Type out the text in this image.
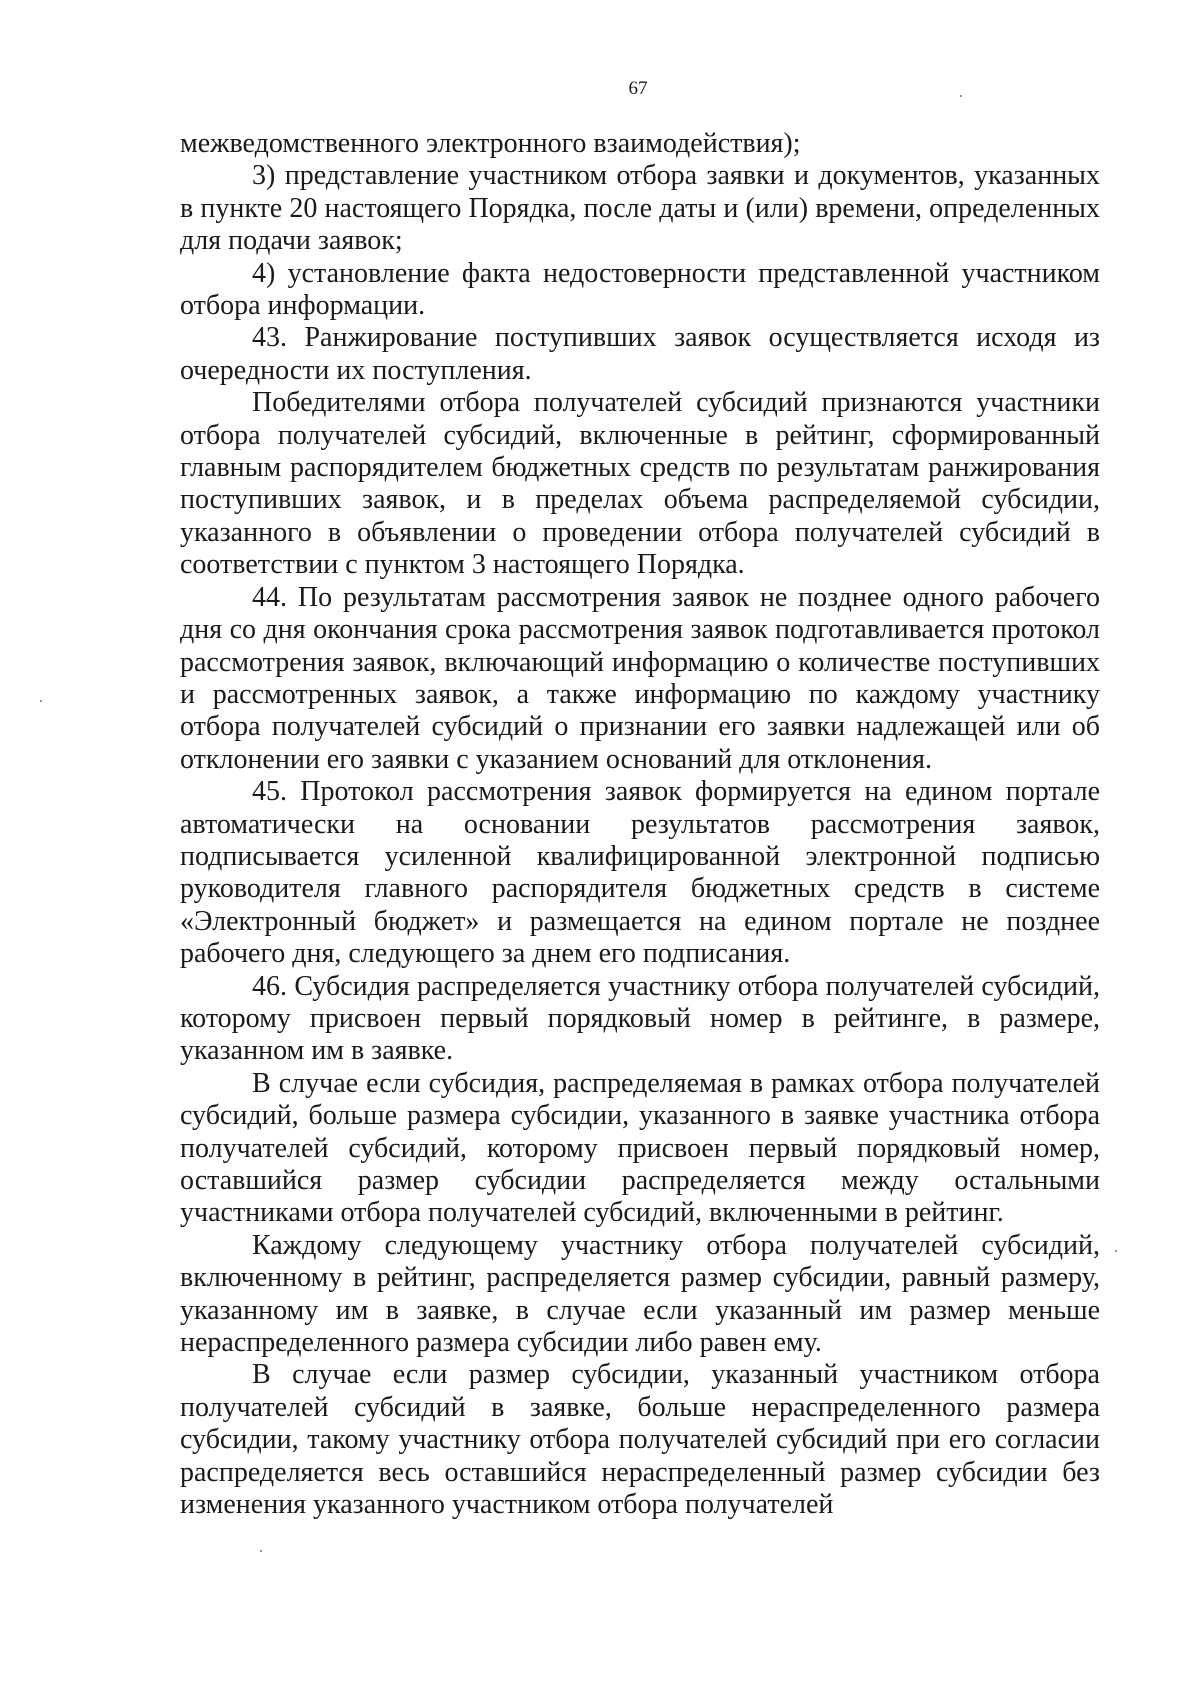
67

межведомственного электронного взаимодействия);

3) представление участником отбора заявки и документов, указанных в пункте 20 настоящего Порядка, после даты и (или) времени, определенных для подачи заявок;

4) установление факта недостоверности представленной участником отбора информации.

43. Ранжирование поступивших заявок осуществляется исходя из очередности их поступления.

Победителями отбора получателей субсидий признаются участники отбора получателей субсидий, включенные в рейтинг, сформированный главным распорядителем бюджетных средств по результатам ранжирования поступивших заявок, и в пределах объема распределяемой субсидии, указанного в объявлении о проведении отбора получателей субсидий в соответствии с пунктом 3 настоящего Порядка.

44. По результатам рассмотрения заявок не позднее одного рабочего дня со дня окончания срока рассмотрения заявок подготавливается протокол рассмотрения заявок, включающий информацию о количестве поступивших и рассмотренных заявок, а также информацию по каждому участнику отбора получателей субсидий о признании его заявки надлежащей или об отклонении его заявки с указанием оснований для отклонения.

45. Протокол рассмотрения заявок формируется на едином портале автоматически на основании результатов рассмотрения заявок, подписывается усиленной квалифицированной электронной подписью руководителя главного распорядителя бюджетных средств в системе «Электронный бюджет» и размещается на едином портале не позднее рабочего дня, следующего за днем его подписания.

46. Субсидия распределяется участнику отбора получателей субсидий, которому присвоен первый порядковый номер в рейтинге, в размере, указанном им в заявке.

В случае если субсидия, распределяемая в рамках отбора получателей субсидий, больше размера субсидии, указанного в заявке участника отбора получателей субсидий, которому присвоен первый порядковый номер, оставшийся размер субсидии распределяется между остальными участниками отбора получателей субсидий, включенными в рейтинг.

Каждому следующему участнику отбора получателей субсидий, включенному в рейтинг, распределяется размер субсидии, равный размеру, указанному им в заявке, в случае если указанный им размер меньше нераспределенного размера субсидии либо равен ему.

В случае если размер субсидии, указанный участником отбора получателей субсидий в заявке, больше нераспределенного размера субсидии, такому участнику отбора получателей субсидий при его согласии распределяется весь оставшийся нераспределенный размер субсидии без изменения указанного участником отбора получателей
